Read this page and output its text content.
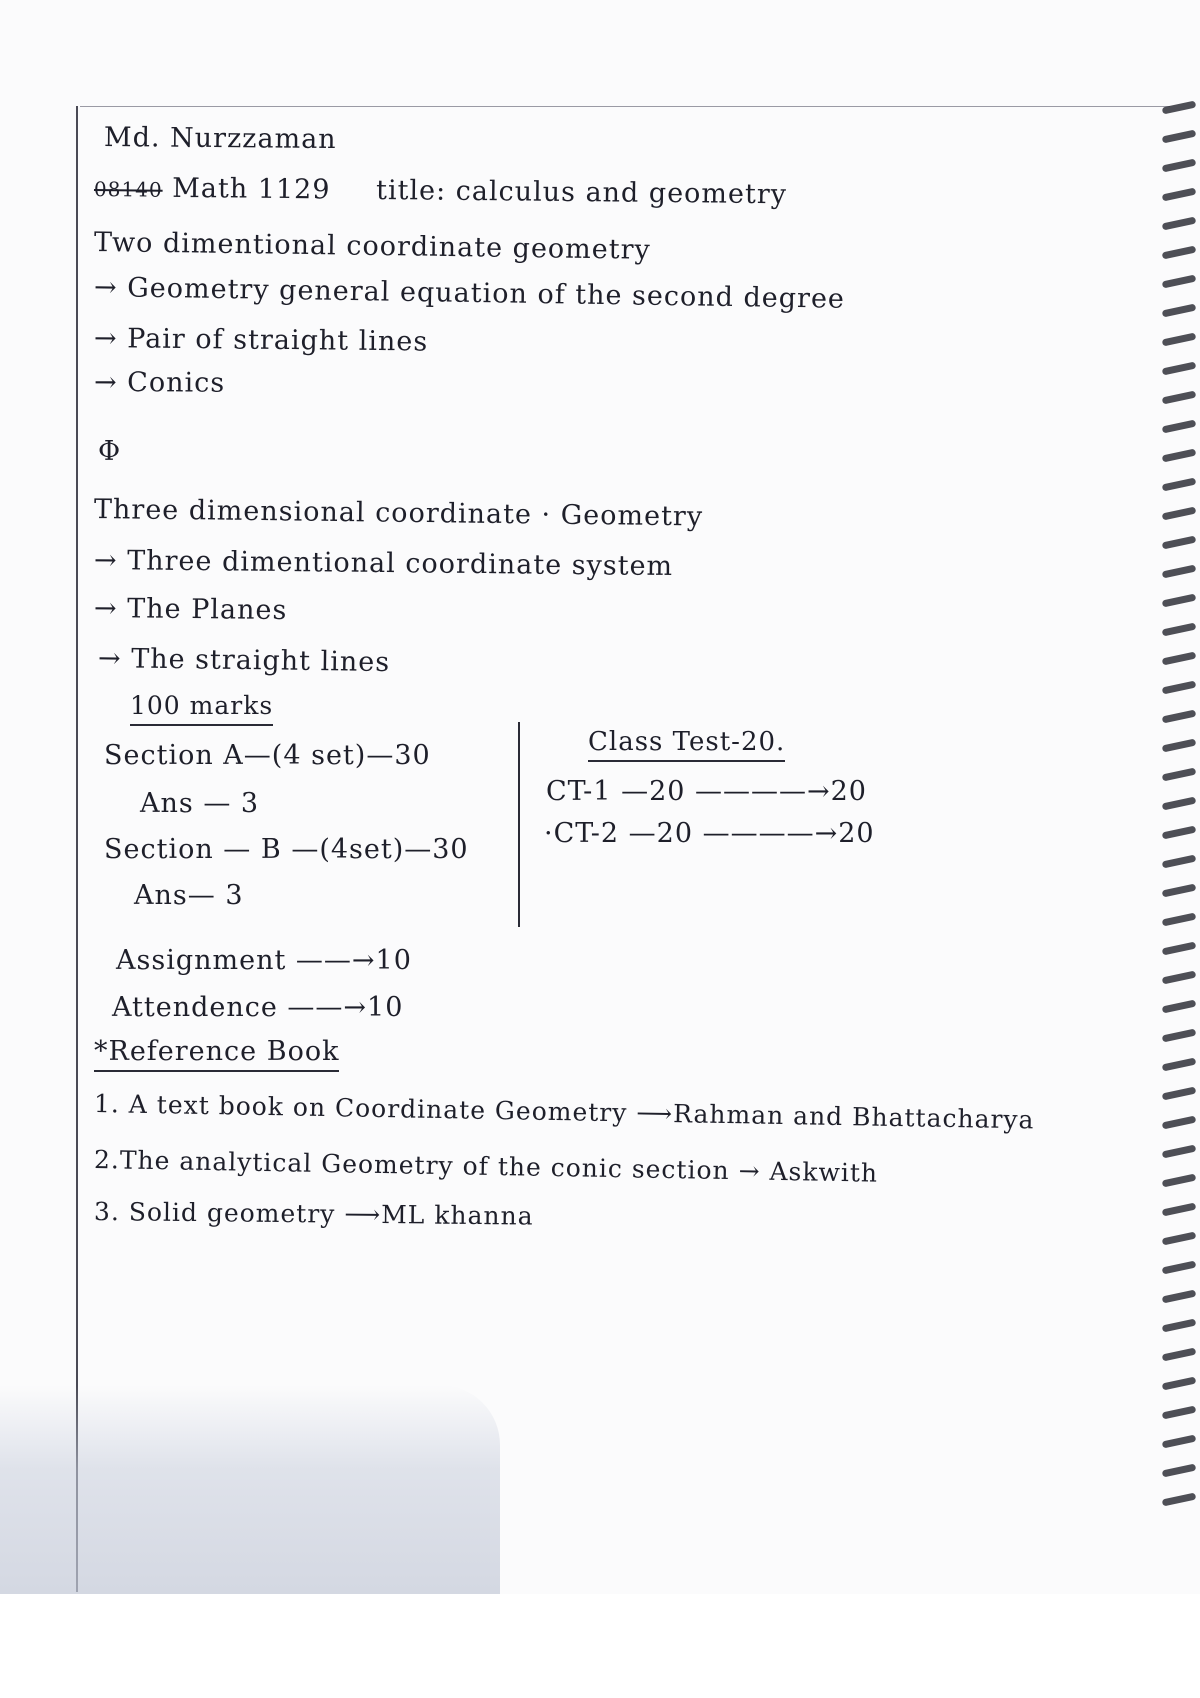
Md. Nurzzaman
08140 Math 1129 title: calculus and geometry
Two dimentional coordinate geometry
→ Geometry general equation of the second degree
→ Pair of straight lines
→ Conics
Φ
Three dimensional coordinate · Geometry
→ Three dimentional coordinate system
→ The Planes
→ The straight lines
100 marks
Section A—(4 set)—30
Ans — 3
Section — B —(4set)—30
Ans— 3
Class Test-20.
CT-1 —20 ————→20
·CT-2 —20 ————→20
Assignment ——→10
Attendence ——→10
*Reference Book
1. A text book on Coordinate Geometry ⟶Rahman and Bhattacharya
2.The analytical Geometry of the conic section → Askwith
3. Solid geometry ⟶ML khanna
